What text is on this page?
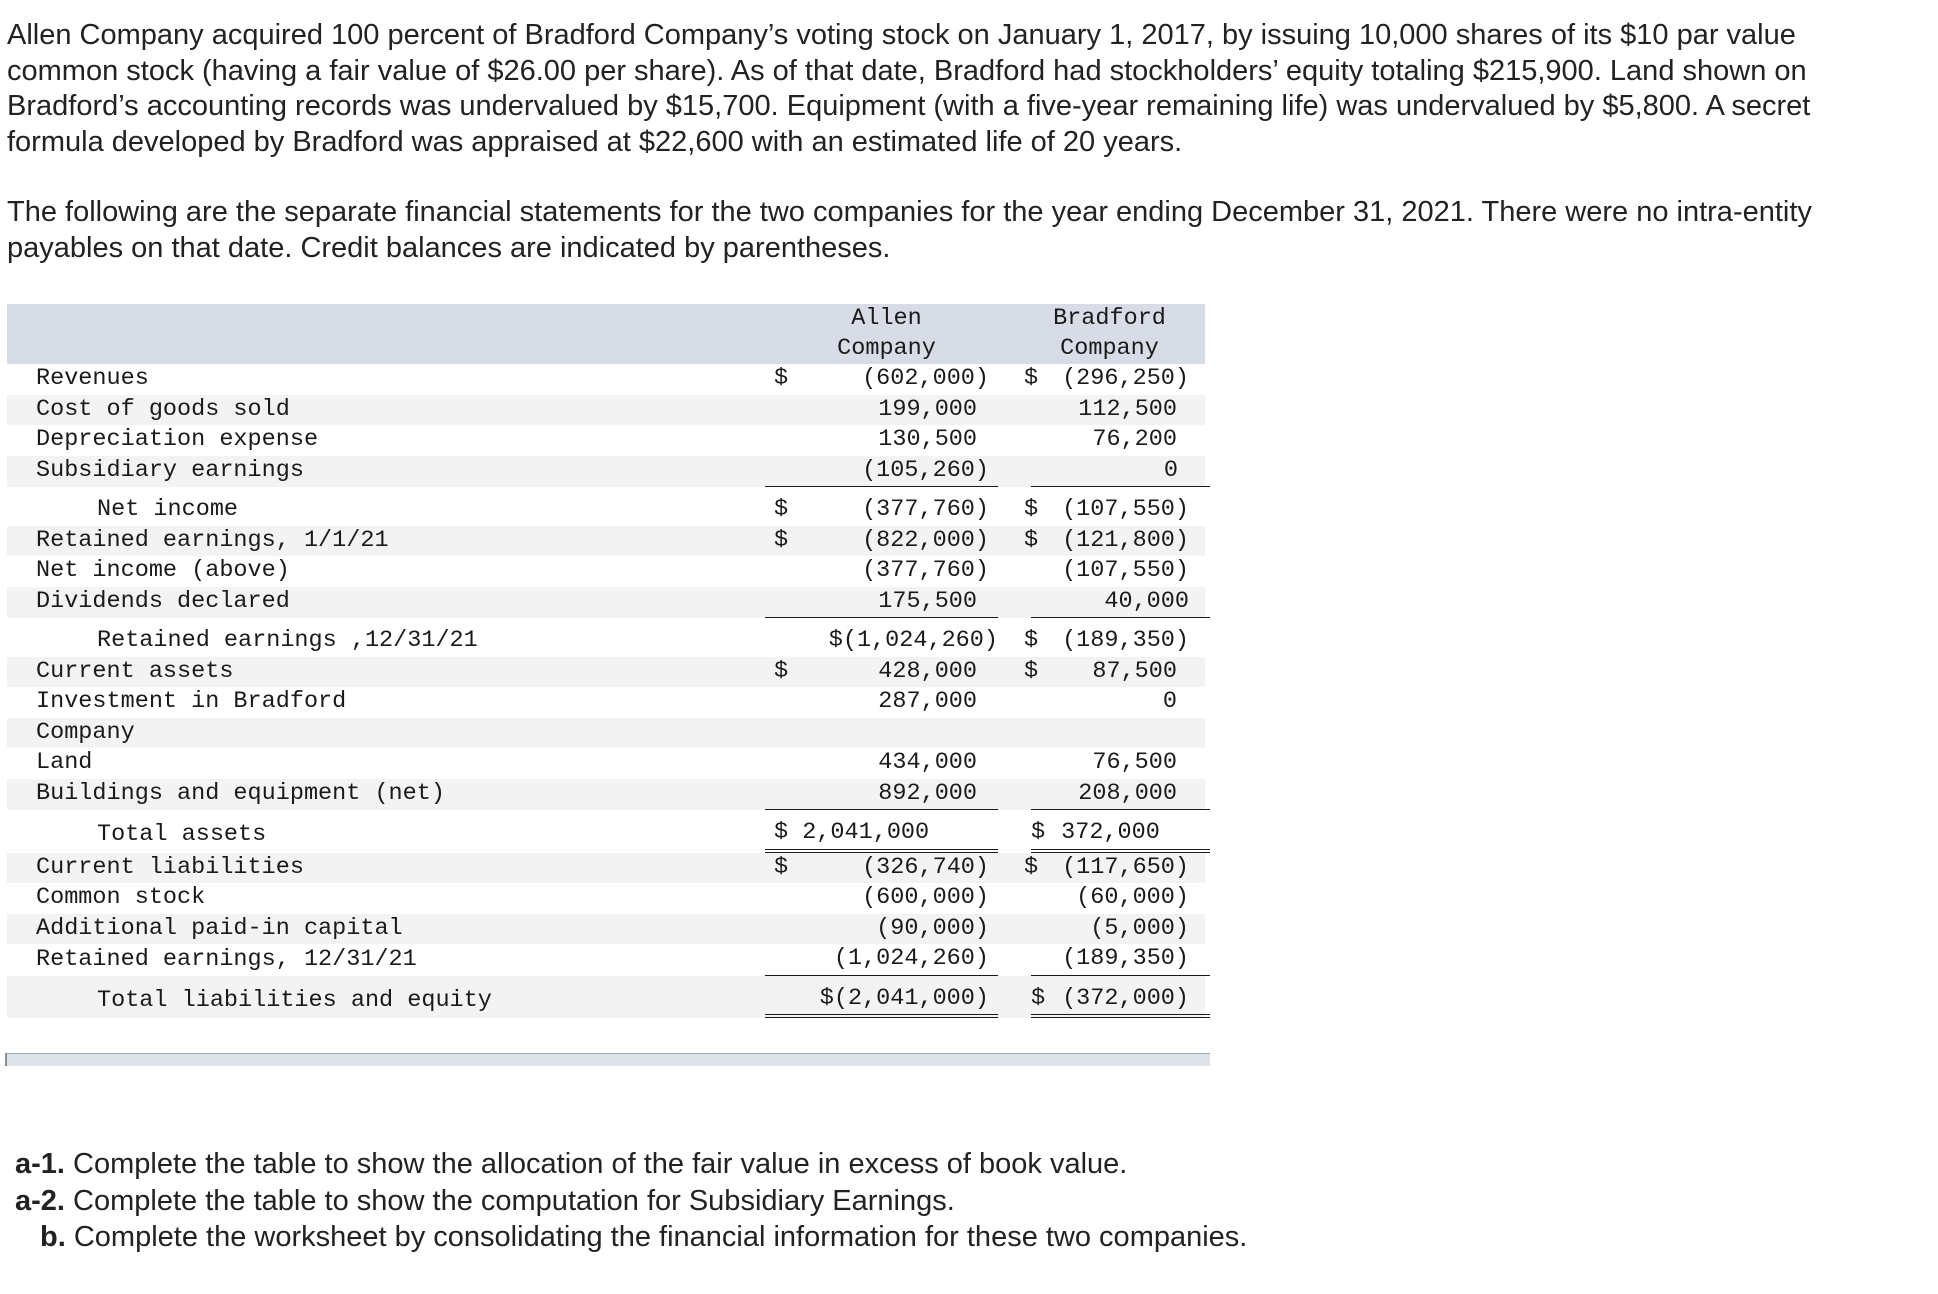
Allen Company acquired 100 percent of Bradford Company’s voting stock on January 1, 2017, by issuing 10,000 shares of its $10 par value common stock (having a fair value of $26.00 per share). As of that date, Bradford had stockholders’ equity totaling $215,900. Land shown on Bradford’s accounting records was undervalued by $15,700. Equipment (with a five-year remaining life) was undervalued by $5,800. A secret formula developed by Bradford was appraised at $22,600 with an estimated life of 20 years.

The following are the separate financial statements for the two companies for the year ending December 31, 2021. There were no intra-entity payables on that date. Credit balances are indicated by parentheses.

	Allen	Bradford
	Company	Company
Revenues	$ (602,000)	$ (296,250)

Cost of goods sold	199,000	112,500

Depreciation expense	130,500	76,200

Subsidiary earnings	(105,260)	0

Net income	$ (377,760)	$ (107,550)

Retained earnings, 1/1/21	$ (822,000)	$ (121,800)

Net income (above)	(377,760)	(107,550)

Dividends declared	175,500	40,000

Retained earnings ,12/31/21	$(1,024,260)	$ (189,350)

Current assets	$ 428,000	$ 87,500

Investment in Bradford	287,000	0

Company		
Land	434,000	76,500

Buildings and equipment (net)	892,000	208,000

Total assets	$ 2,041,000	$ 372,000

Current liabilities	$ (326,740)	$ (117,650)

Common stock	(600,000)	(60,000)

Additional paid-in capital	(90,000)	(5,000)

Retained earnings, 12/31/21	(1,024,260)	(189,350)

Total liabilities and equity	$(2,041,000)	$ (372,000)
a-1. Complete the table to show the allocation of the fair value in excess of book value.
a-2. Complete the table to show the computation for Subsidiary Earnings.
b. Complete the worksheet by consolidating the financial information for these two companies.
